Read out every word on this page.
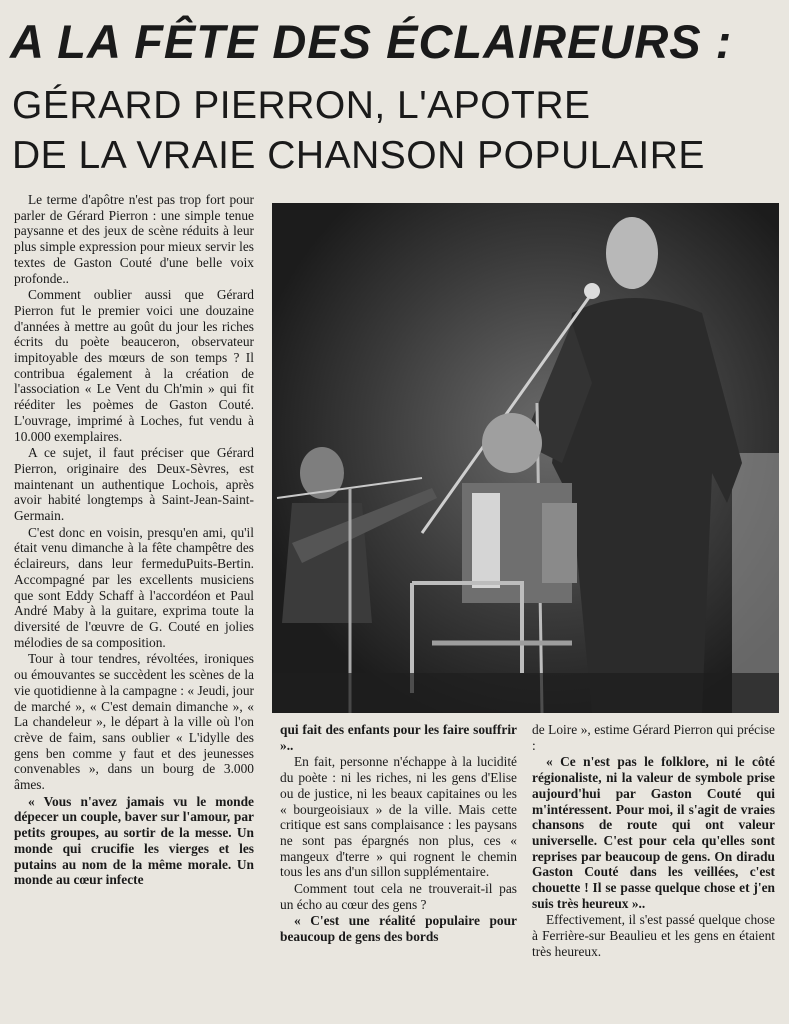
A LA FÊTE DES ÉCLAIREURS :
GÉRARD PIERRON, L'APOTRE
DE LA VRAIE CHANSON POPULAIRE

Le terme d'apôtre n'est pas trop fort pour parler de Gérard Pierron : une simple tenue paysanne et des jeux de scène réduits à leur plus simple expression pour mieux servir les textes de Gaston Couté d'une belle voix profonde..

Comment oublier aussi que Gérard Pierron fut le premier voici une douzaine d'années à mettre au goût du jour les riches écrits du poète beauceron, observateur impitoyable des mœurs de son temps ? Il contribua également à la création de l'association « Le Vent du Ch'min » qui fit rééditer les poèmes de Gaston Couté. L'ouvrage, imprimé à Loches, fut vendu à 10.000 exemplaires.

A ce sujet, il faut préciser que Gérard Pierron, originaire des Deux-Sèvres, est maintenant un authentique Lochois, après avoir habité longtemps à Saint-Jean-Saint-Germain.

C'est donc en voisin, presqu'en ami, qu'il était venu dimanche à la fête champêtre des éclaireurs, dans leur fermeduPuits-Bertin. Accompagné par les excellents musiciens que sont Eddy Schaff à l'accordéon et Paul André Maby à la guitare, exprima toute la diversité de l'œuvre de G. Couté en jolies mélodies de sa composition.

Tour à tour tendres, révoltées, ironiques ou émouvantes se succèdent les scènes de la vie quotidienne à la campagne : « Jeudi, jour de marché », « C'est demain dimanche », « La chandeleur », le départ à la ville où l'on crève de faim, sans oublier « L'idylle des gens ben comme y faut et des jeunesses convenables », dans un bourg de 3.000 âmes.

« Vous n'avez jamais vu le monde dépecer un couple, baver sur l'amour, par petits groupes, au sortir de la messe. Un monde qui crucifie les vierges et les putains au nom de la même morale. Un monde au cœur infecte

qui fait des enfants pour les faire souffrir »..

En fait, personne n'échappe à la lucidité du poète : ni les riches, ni les gens d'Elise ou de justice, ni les beaux capitaines ou les « bourgeoisiaux » de la ville. Mais cette critique est sans complaisance : les paysans ne sont pas épargnés non plus, ces « mangeux d'terre » qui rognent le chemin tous les ans d'un sillon supplémentaire.

Comment tout cela ne trouverait-il pas un écho au cœur des gens ?

« C'est une réalité populaire pour beaucoup de gens des bords

de Loire », estime Gérard Pierron qui précise :

« Ce n'est pas le folklore, ni le côté régionaliste, ni la valeur de symbole prise aujourd'hui par Gaston Couté qui m'intéressent. Pour moi, il s'agit de vraies chansons de route qui ont valeur universelle. C'est pour cela qu'elles sont reprises par beaucoup de gens. On diradu Gaston Couté dans les veillées, c'est chouette ! Il se passe quelque chose et j'en suis très heureux »..

Effectivement, il s'est passé quelque chose à Ferrière-sur Beaulieu et les gens en étaient très heureux.
